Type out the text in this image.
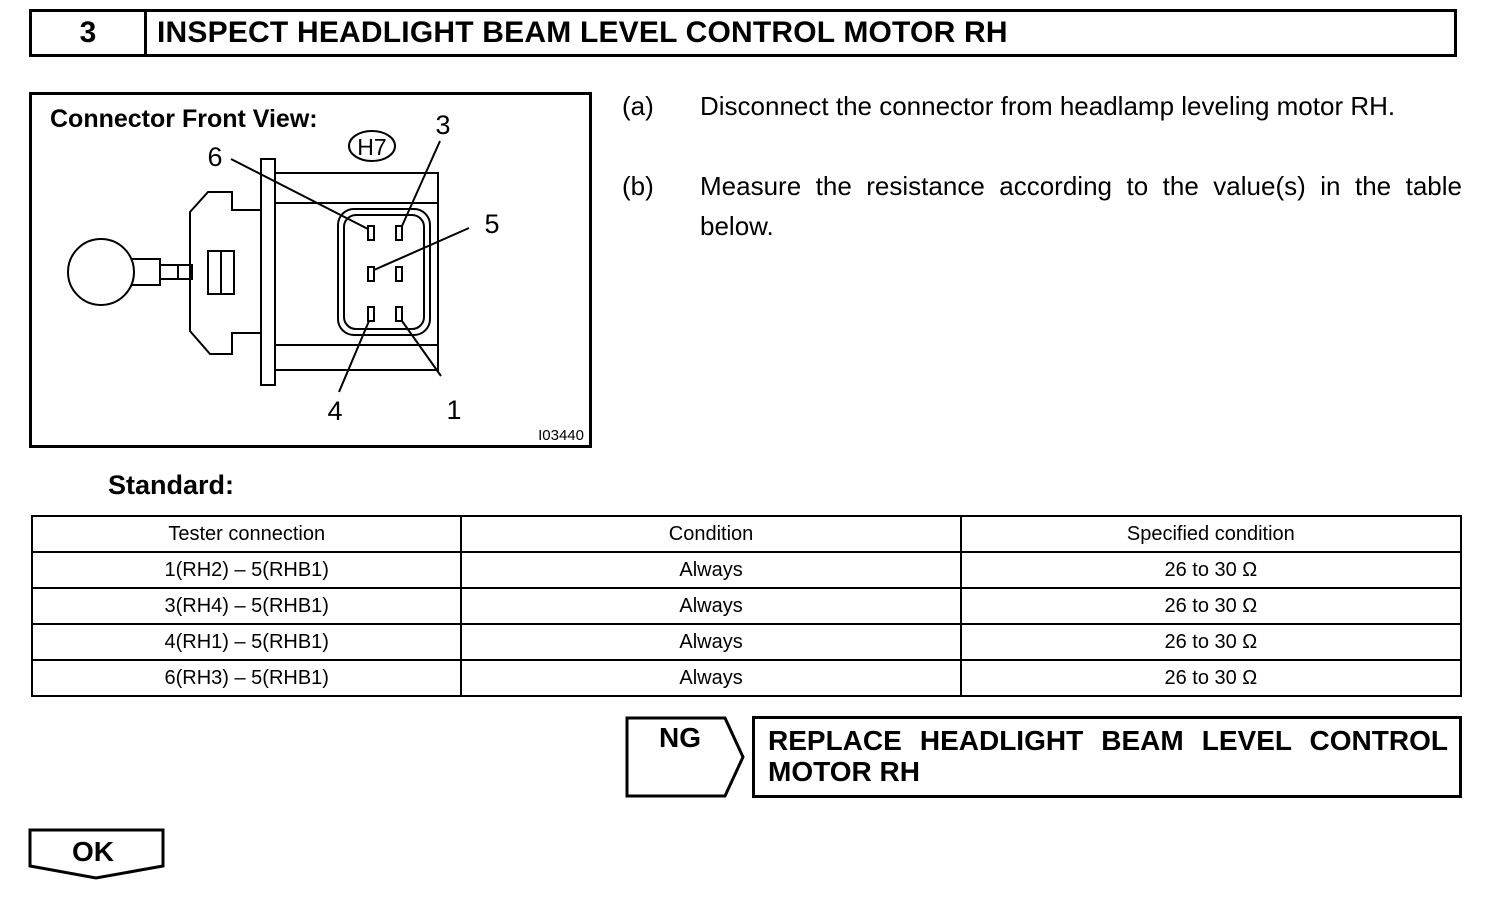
3	INSPECT HEADLIGHT BEAM LEVEL CONTROL MOTOR RH
Connector Front View:
H7
6
3
5
4	1
I03440
(a) Disconnect the connector from headlamp leveling motor RH.
(b) Measure the resistance according to the value(s) in the table below.
Standard:
Tester connection	Condition	Specified condition
1(RH2) – 5(RHB1)	Always	26 to 30 Ω
3(RH4) – 5(RHB1)	Always	26 to 30 Ω
4(RH1) – 5(RHB1)	Always	26 to 30 Ω
6(RH3) – 5(RHB1)	Always	26 to 30 Ω
NG REPLACE HEADLIGHT BEAM LEVEL CONTROL MOTOR RH
OK
